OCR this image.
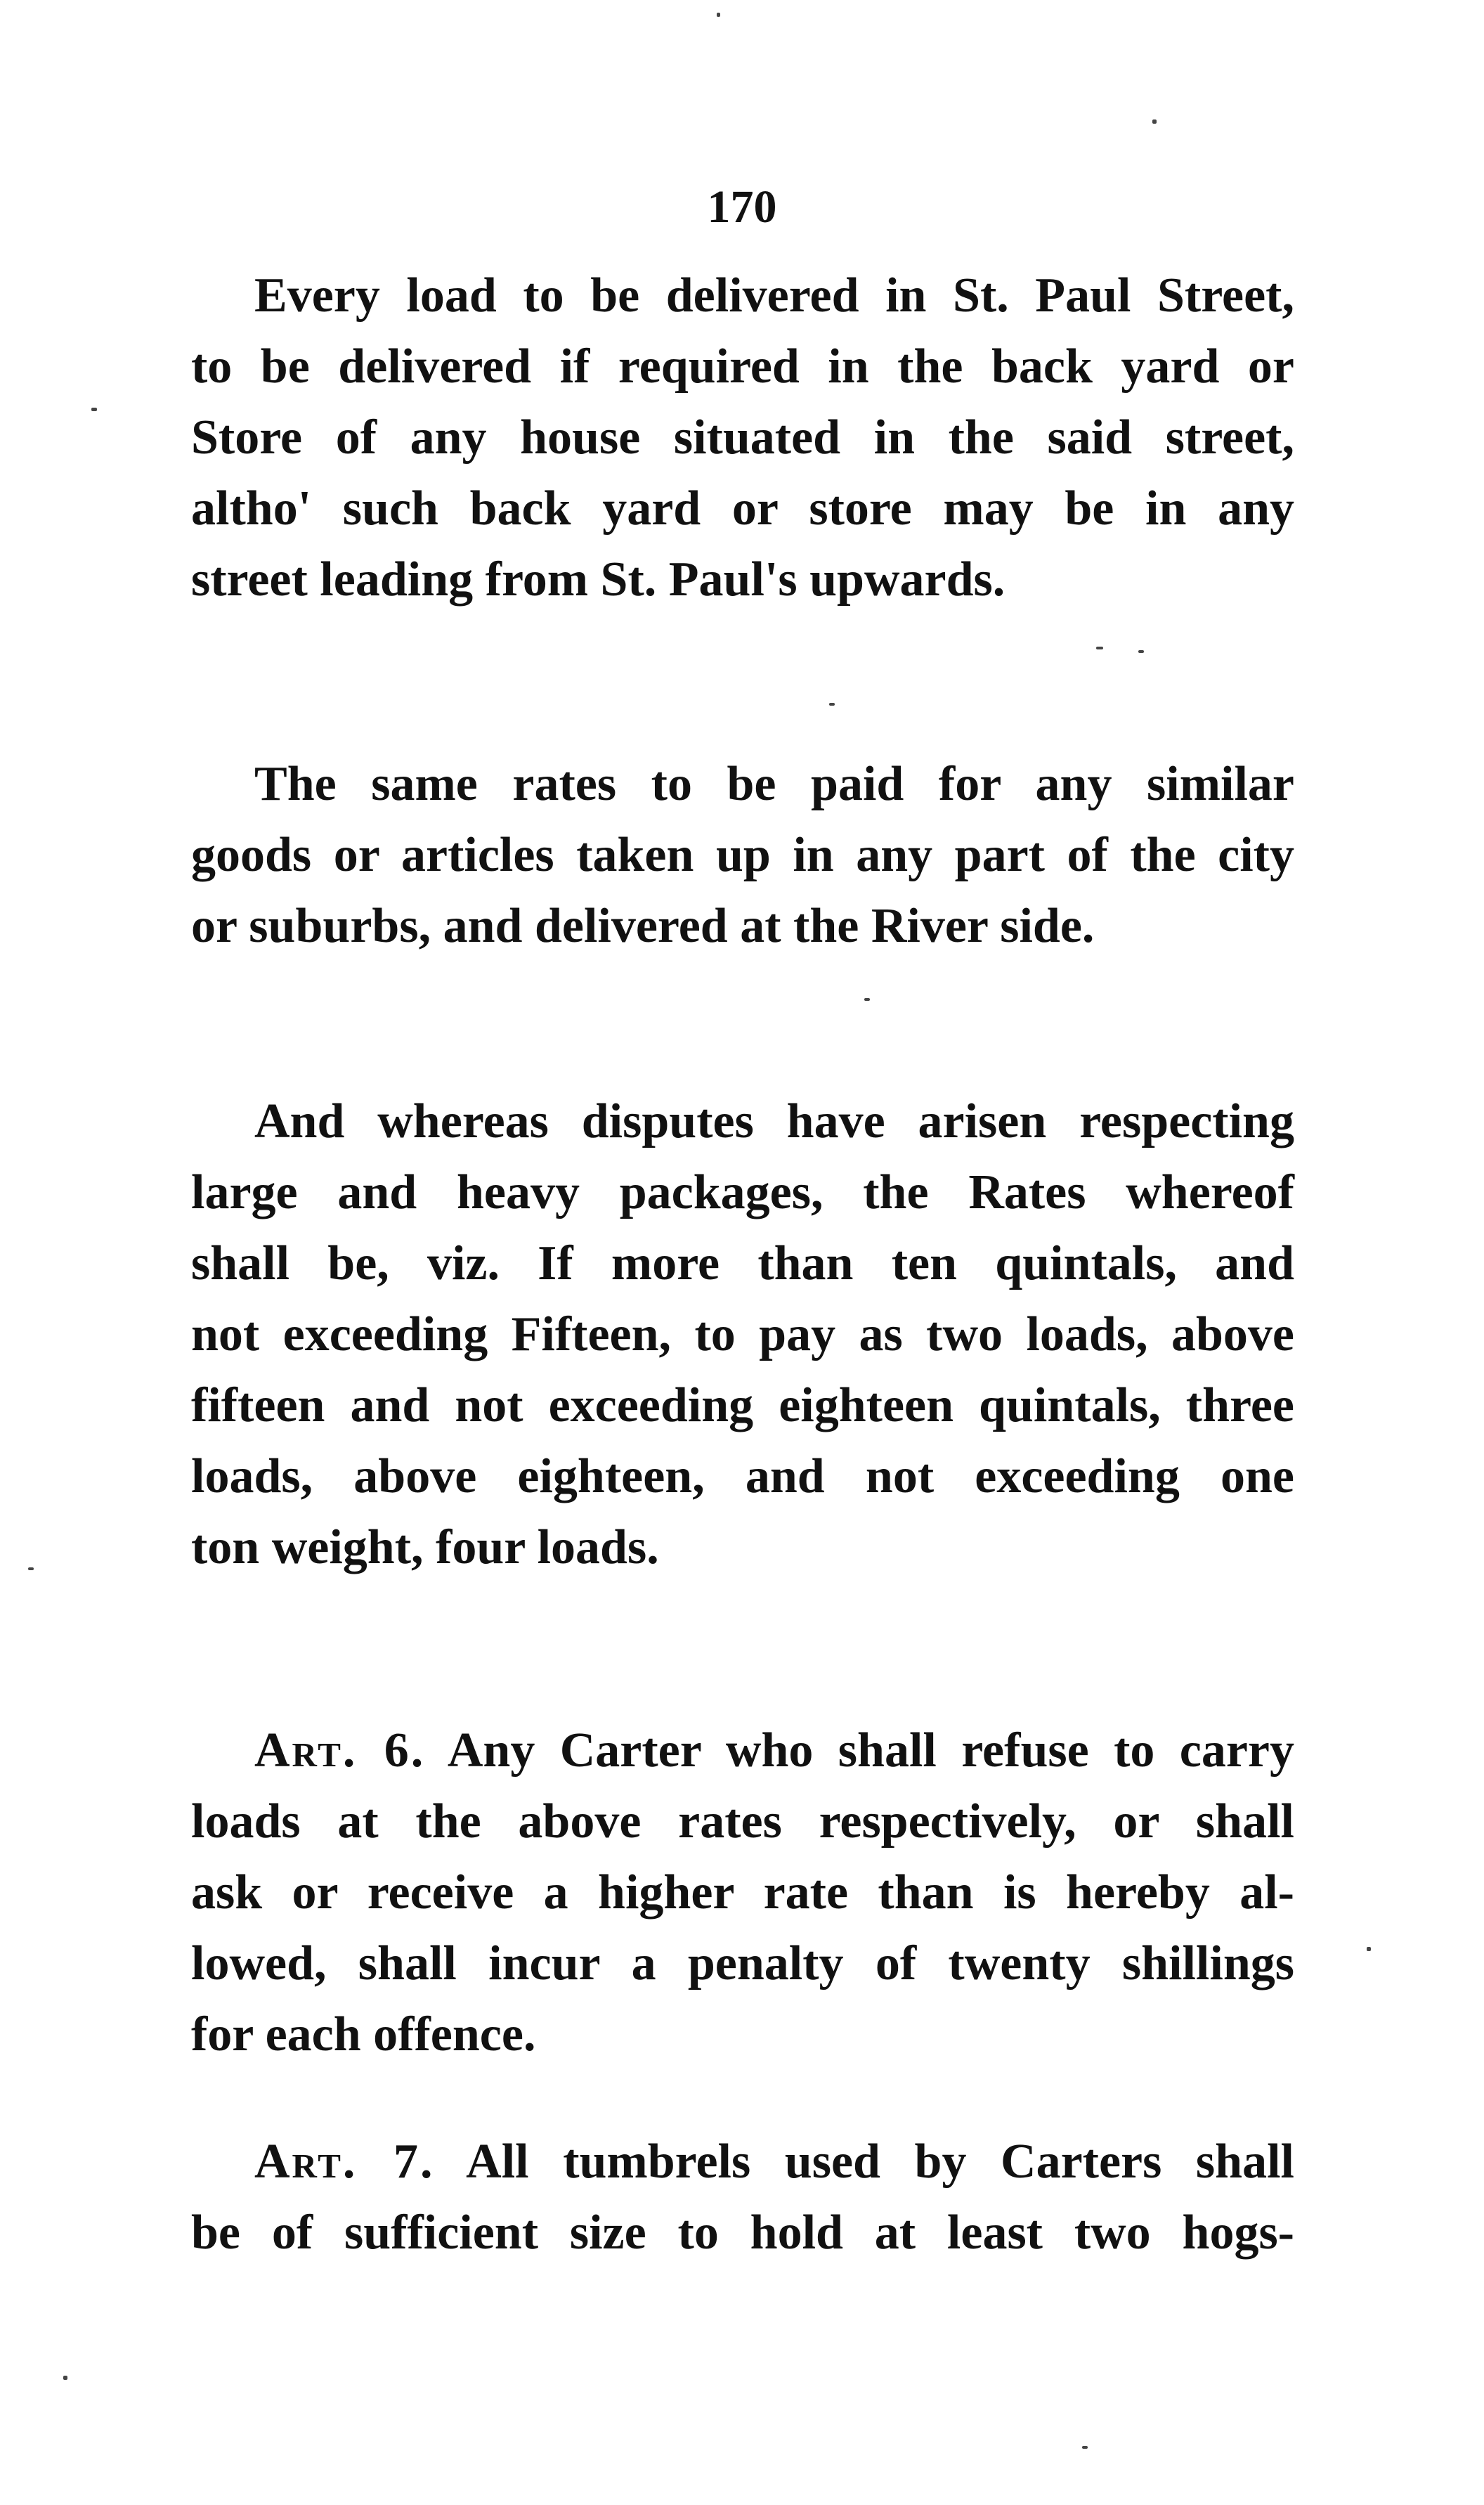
170
Every load to be delivered in St. Paul Street,
to be delivered if required in the back yard or
Store of any house situated in the said street,
altho' such back yard or store may be in any
street leading from St. Paul's upwards.
The same rates to be paid for any similar
goods or articles taken up in any part of the city
or suburbs, and delivered at the River side.
And whereas disputes have arisen respecting
large and heavy packages, the Rates whereof
shall be, viz. If more than ten quintals, and
not exceeding Fifteen, to pay as two loads, above
fifteen and not exceeding eighteen quintals, three
loads, above eighteen, and not exceeding one
ton weight, four loads.
Art. 6. Any Carter who shall refuse to carry
loads at the above rates respectively, or shall
ask or receive a higher rate than is hereby al-
lowed, shall incur a penalty of twenty shillings
for each offence.
Art. 7. All tumbrels used by Carters shall
be of sufficient size to hold at least two hogs-
